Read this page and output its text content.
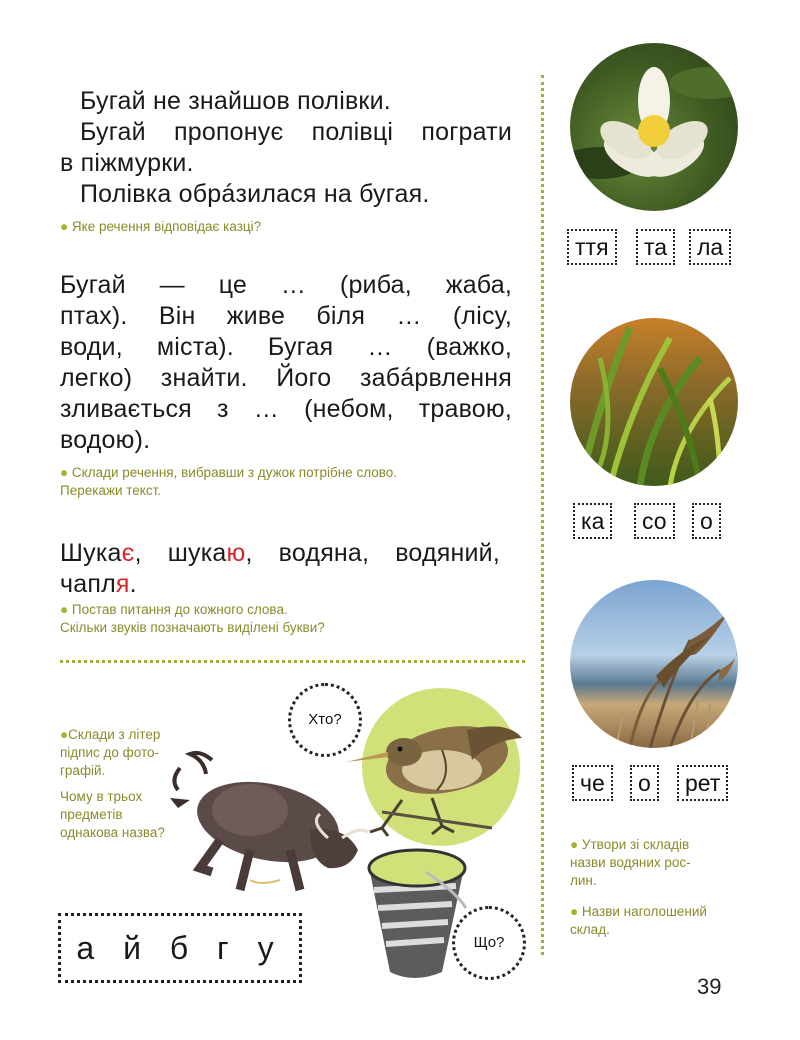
Бугай не знайшов полівки.
Бугай пропонує полівці пограти
в піжмурки.
Полівка обрáзилася на бугая.
● Яке речення відповідає казці?
Бугай — це … (риба, жаба,
птах). Він живе біля … (лісу,
води, міста). Бугая … (важко,
легко) знайти. Його забáрвлення
зливається з … (небом, травою,
водою).
● Склади речення, вибравши з дужок потрібне слово.
Перекажи текст.
Шукає, шукаю, водяна, водяний,
чапля.
● Постав питання до кожного слова.
Скільки звуків позначають виділені букви?
●Склади з літер
підпис до фото-
графій.
Чому в трьох
предметів
однакова назва?
Хто?
Що?
а й б г у
ття	та	ла
ка	со	о
че	о	рет
● Утвори зі складів
назви водяних рос-
лин.
● Назви наголошений
склад.
39
